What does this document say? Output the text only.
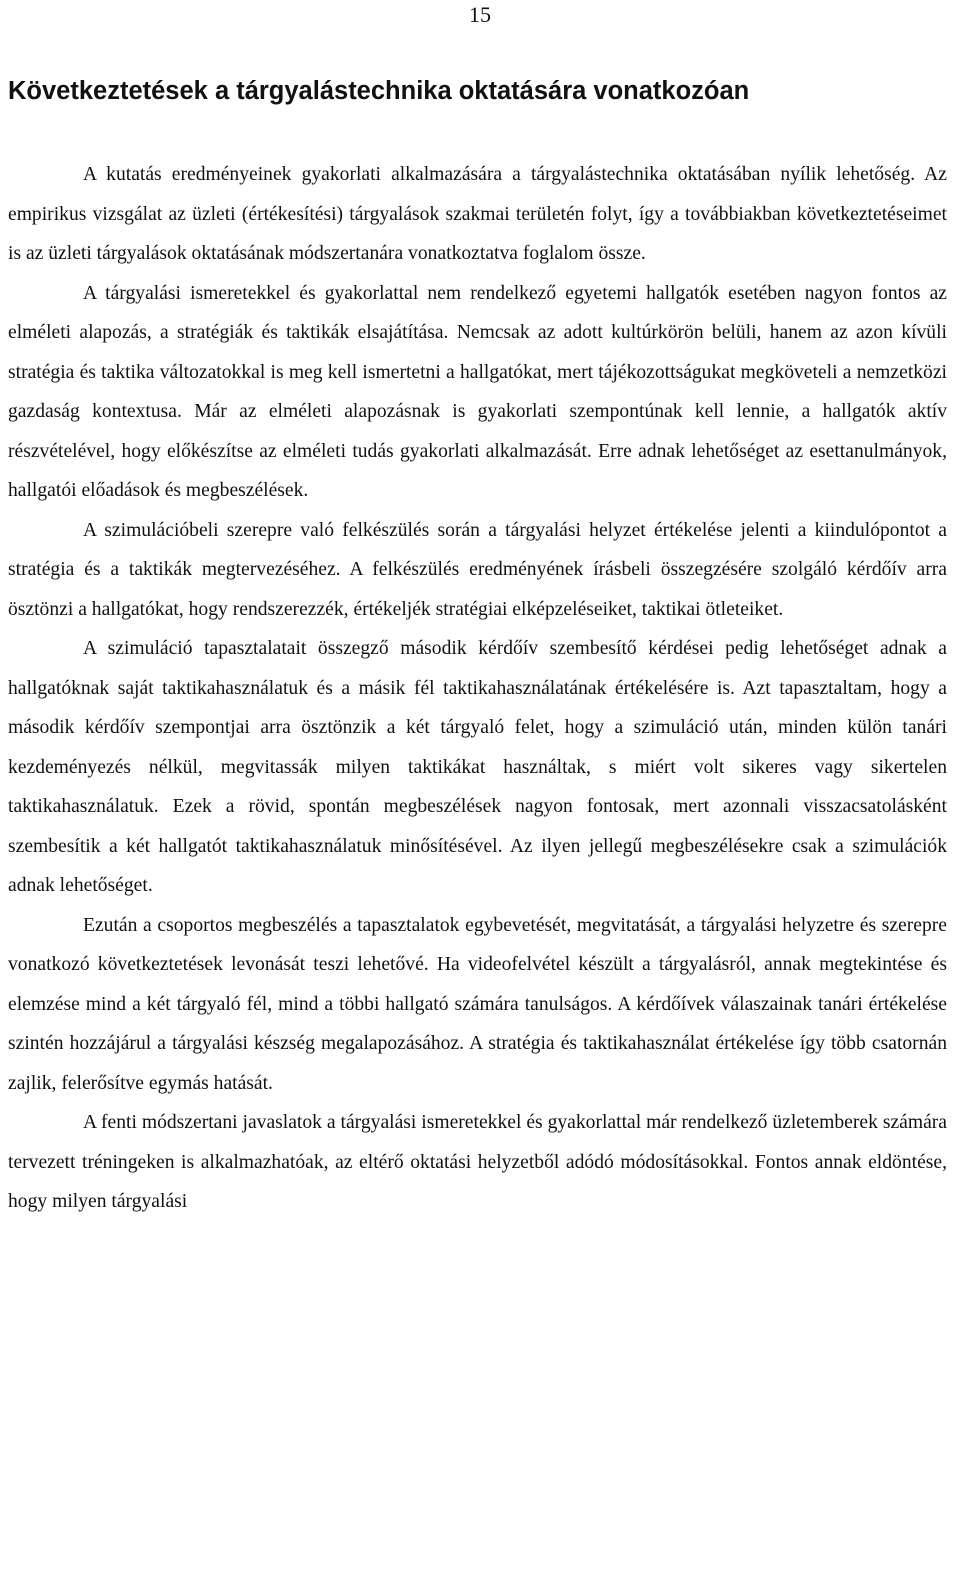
15
Következtetések a tárgyalástechnika oktatására vonatkozóan

A kutatás eredményeinek gyakorlati alkalmazására a tárgyalástechnika oktatásában nyílik lehetőség. Az empirikus vizsgálat az üzleti (értékesítési) tárgyalások szakmai területén folyt, így a továbbiakban következtetéseimet is az üzleti tárgyalások oktatásának módszertanára vonatkoztatva foglalom össze.

A tárgyalási ismeretekkel és gyakorlattal nem rendelkező egyetemi hallgatók esetében nagyon fontos az elméleti alapozás, a stratégiák és taktikák elsajátítása. Nemcsak az adott kultúrkörön belüli, hanem az azon kívüli stratégia és taktika változatokkal is meg kell ismertetni a hallgatókat, mert tájékozottságukat megköveteli a nemzetközi gazdaság kontextusa. Már az elméleti alapozásnak is gyakorlati szempontúnak kell lennie, a hallgatók aktív részvételével, hogy előkészítse az elméleti tudás gyakorlati alkalmazását. Erre adnak lehetőséget az esettanulmányok, hallgatói előadások és megbeszélések.

A szimulációbeli szerepre való felkészülés során a tárgyalási helyzet értékelése jelenti a kiindulópontot a stratégia és a taktikák megtervezéséhez. A felkészülés eredményének írásbeli összegzésére szolgáló kérdőív arra ösztönzi a hallgatókat, hogy rendszerezzék, értékeljék stratégiai elképzeléseiket, taktikai ötleteiket.

A szimuláció tapasztalatait összegző második kérdőív szembesítő kérdései pedig lehetőséget adnak a hallgatóknak saját taktikahasználatuk és a másik fél taktikahasználatának értékelésére is. Azt tapasztaltam, hogy a második kérdőív szempontjai arra ösztönzik a két tárgyaló felet, hogy a szimuláció után, minden külön tanári kezdeményezés nélkül, megvitassák milyen taktikákat használtak, s miért volt sikeres vagy sikertelen taktikahasználatuk. Ezek a rövid, spontán megbeszélések nagyon fontosak, mert azonnali visszacsatolásként szembesítik a két hallgatót taktikahasználatuk minősítésével. Az ilyen jellegű megbeszélésekre csak a szimulációk adnak lehetőséget.

Ezután a csoportos megbeszélés a tapasztalatok egybevetését, megvitatását, a tárgyalási helyzetre és szerepre vonatkozó következtetések levonását teszi lehetővé. Ha videofelvétel készült a tárgyalásról, annak megtekintése és elemzése mind a két tárgyaló fél, mind a többi hallgató számára tanulságos. A kérdőívek válaszainak tanári értékelése szintén hozzájárul a tárgyalási készség megalapozásához. A stratégia és taktikahasználat értékelése így több csatornán zajlik, felerősítve egymás hatását.

A fenti módszertani javaslatok a tárgyalási ismeretekkel és gyakorlattal már rendelkező üzletemberek számára tervezett tréningeken is alkalmazhatóak, az eltérő oktatási helyzetből adódó módosításokkal. Fontos annak eldöntése, hogy milyen tárgyalási
